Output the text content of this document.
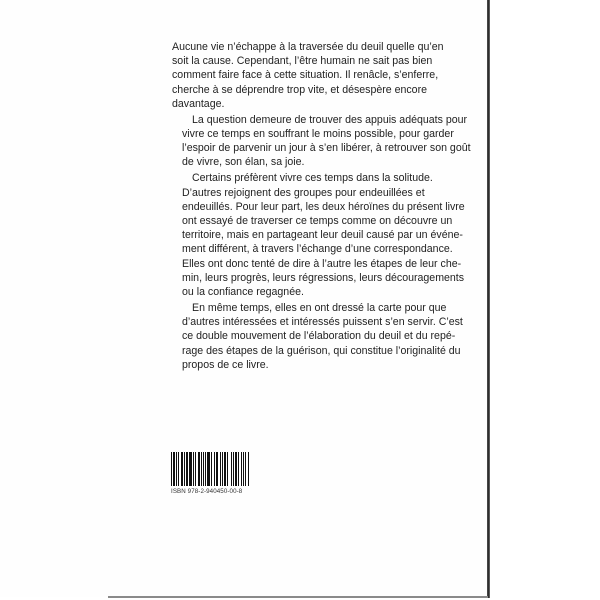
Aucune vie n’échappe à la traversée du deuil quelle qu’en
soit la cause. Cependant, l’être humain ne sait pas bien
comment faire face à cette situation. Il renâcle, s’enferre,
cherche à se déprendre trop vite, et désespère encore
davantage.

La question demeure de trouver des appuis adéquats pour
vivre ce temps en souffrant le moins possible, pour garder
l’espoir de parvenir un jour à s’en libérer, à retrouver son goût
de vivre, son élan, sa joie.

Certains préfèrent vivre ces temps dans la solitude.
D’autres rejoignent des groupes pour endeuillées et
endeuillés. Pour leur part, les deux héroïnes du présent livre
ont essayé de traverser ce temps comme on découvre un
territoire, mais en partageant leur deuil causé par un événe-
ment différent, à travers l’échange d’une correspondance.
Elles ont donc tenté de dire à l’autre les étapes de leur che-
min, leurs progrès, leurs régressions, leurs découragements
ou la confiance regagnée.

En même temps, elles en ont dressé la carte pour que
d’autres intéressées et intéressés puissent s’en servir. C’est
ce double mouvement de l’élaboration du deuil et du repé-
rage des étapes de la guérison, qui constitue l’originalité du
propos de ce livre.

ISBN 978-2-940450-00-8
